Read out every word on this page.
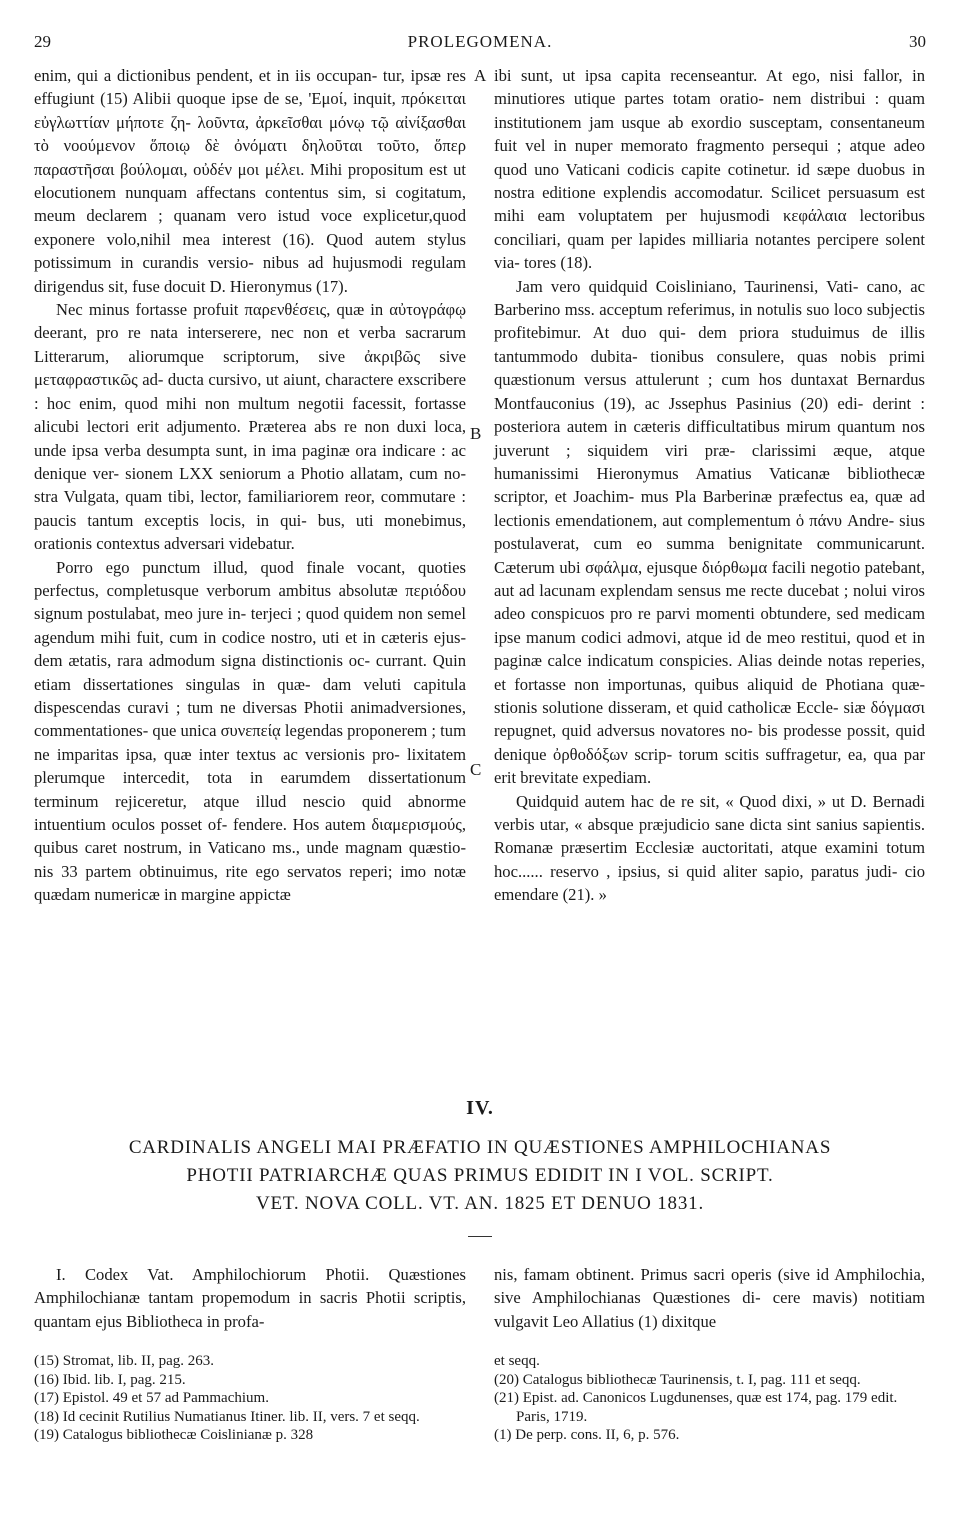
29	PROLEGOMENA.	30

enim, qui a dictionibus pendent, et in iis occupan- tur, ipsæ res effugiunt (15) Alibii quoque ipse de se, 'Εμοί, inquit, πρόκειται εὐγλωττίαν μήποτε ζη- λοῦντα, ἀρκεῖσθαι μόνῳ τῷ αἰνίξασθαι τὸ νοούμενον ὅποιῳ δὲ ὀνόματι δηλοῦται τοῦτο, ὅπερ παραστῆσαι βούλομαι, οὐδέν μοι μέλει. Mihi propositum est ut elocutionem nunquam affectans contentus sim, si cogitatum, meum declarem ; quanam vero istud voce explicetur,quod exponere volo,nihil mea interest (16). Quod autem stylus potissimum in curandis versio- nibus ad hujusmodi regulam dirigendus sit, fuse docuit D. Hieronymus (17).

Nec minus fortasse profuit παρενθέσεις, quæ in αὐτογράφῳ deerant, pro re nata interserere, nec non et verba sacrarum Litterarum, aliorumque scriptorum, sive ἀκριβῶς sive μεταφραστικῶς ad- ducta cursivo, ut aiunt, charactere exscribere : hoc enim, quod mihi non multum negotii facessit, fortasse alicubi lectori erit adjumento. Præterea abs re non duxi loca, unde ipsa verba desumpta sunt, in ima paginæ ora indicare : ac denique ver- sionem LXX seniorum a Photio allatam, cum no- stra Vulgata, quam tibi, lector, familiariorem reor, commutare : paucis tantum exceptis locis, in qui- bus, uti monebimus, orationis contextus adversari videbatur.

Porro ego punctum illud, quod finale vocant, quoties perfectus, completusque verborum ambitus absolutæ περιόδου signum postulabat, meo jure in- terjeci ; quod quidem non semel agendum mihi fuit, cum in codice nostro, uti et in cæteris ejus- dem ætatis, rara admodum signa distinctionis oc- currant. Quin etiam dissertationes singulas in quæ- dam veluti capitula dispescendas curavi ; tum ne diversas Photii animadversiones, commentationes- que unica συνεπείᾳ legendas proponerem ; tum ne imparitas ipsa, quæ inter textus ac versionis pro- lixitatem plerumque intercedit, tota in earumdem dissertationum terminum rejiceretur, atque illud nescio quid abnorme intuentium oculos posset of- fendere. Hos autem διαμερισμούς, quibus caret nostrum, in Vaticano ms., unde magnam quæstio- nis 33 partem obtinuimus, rite ego servatos reperi; imo notæ quædam numericæ in margine appictæ

A
B
C

ibi sunt, ut ipsa capita recenseantur. At ego, nisi fallor, in minutiores utique partes totam oratio- nem distribui : quam institutionem jam usque ab exordio susceptam, consentaneum fuit vel in nuper memorato fragmento persequi ; atque adeo quod uno Vaticani codicis capite cotinetur. id sæpe duobus in nostra editione explendis accomodatur. Scilicet persuasum est mihi eam voluptatem per hujusmodi κεφάλαια lectoribus conciliari, quam per lapides milliaria notantes percipere solent via- tores (18).

Jam vero quidquid Coisliniano, Taurinensi, Vati- cano, ac Barberino mss. acceptum referimus, in notulis suo loco subjectis profitebimur. At duo qui- dem priora studuimus de illis tantummodo dubita- tionibus consulere, quas nobis primi quæstionum versus attulerunt ; cum hos duntaxat Bernardus Montfauconius (19), ac Jssephus Pasinius (20) edi- derint : posteriora autem in cæteris difficultatibus mirum quantum nos juverunt ; siquidem viri præ- clarissimi æque, atque humanissimi Hieronymus Amatius Vaticanæ bibliothecæ scriptor, et Joachim- mus Pla Barberinæ præfectus ea, quæ ad lectionis emendationem, aut complementum ὁ πάνυ Andre- sius postulaverat, cum eo summa benignitate communicarunt. Cæterum ubi σφάλμα, ejusque διόρθωμα facili negotio patebant, aut ad lacunam explendam sensus me recte ducebat ; nolui viros adeo conspicuos pro re parvi momenti obtundere, sed medicam ipse manum codici admovi, atque id de meo restitui, quod et in paginæ calce indicatum conspicies. Alias deinde notas reperies, et fortasse non importunas, quibus aliquid de Photiana quæ- stionis solutione disseram, et quid catholicæ Eccle- siæ δόγμασι repugnet, quid adversus novatores no- bis prodesse possit, quid denique ὀρθοδόξων scrip- torum scitis suffragetur, ea, qua par erit brevitate expediam.

Quidquid autem hac de re sit, « Quod dixi, » ut D. Bernadi verbis utar, « absque præjudicio sane dicta sint sanius sapientis. Romanæ præsertim Ecclesiæ auctoritati, atque examini totum hoc...... reservo , ipsius, si quid aliter sapio, paratus judi- cio emendare (21). »

IV.
CARDINALIS ANGELI MAI PRÆFATIO IN QUÆSTIONES AMPHILOCHIANAS
PHOTII PATRIARCHÆ QUAS PRIMUS EDIDIT IN I VOL. SCRIPT.
VET. NOVA COLL. VT. AN. 1825 ET DENUO 1831.

I. Codex Vat. Amphilochiorum Photii. Quæstiones Amphilochianæ tantam propemodum in sacris Photii scriptis, quantam ejus Bibliotheca in profa-

nis, famam obtinent. Primus sacri operis (sive id Amphilochia, sive Amphilochianas Quæstiones di- cere mavis) notitiam vulgavit Leo Allatius (1) dixitque

(15) Stromat, lib. II, pag. 263.
(16) Ibid. lib. I, pag. 215.
(17) Epistol. 49 et 57 ad Pammachium.
(18) Id cecinit Rutilius Numatianus Itiner. lib. II, vers. 7 et seqq.
(19) Catalogus bibliothecæ Coislinianæ p. 328
et seqq.
(20) Catalogus bibliothecæ Taurinensis, t. I, pag. 111 et seqq.
(21) Epist. ad. Canonicos Lugdunenses, quæ est 174, pag. 179 edit. Paris, 1719.
(1) De perp. cons. II, 6, p. 576.
